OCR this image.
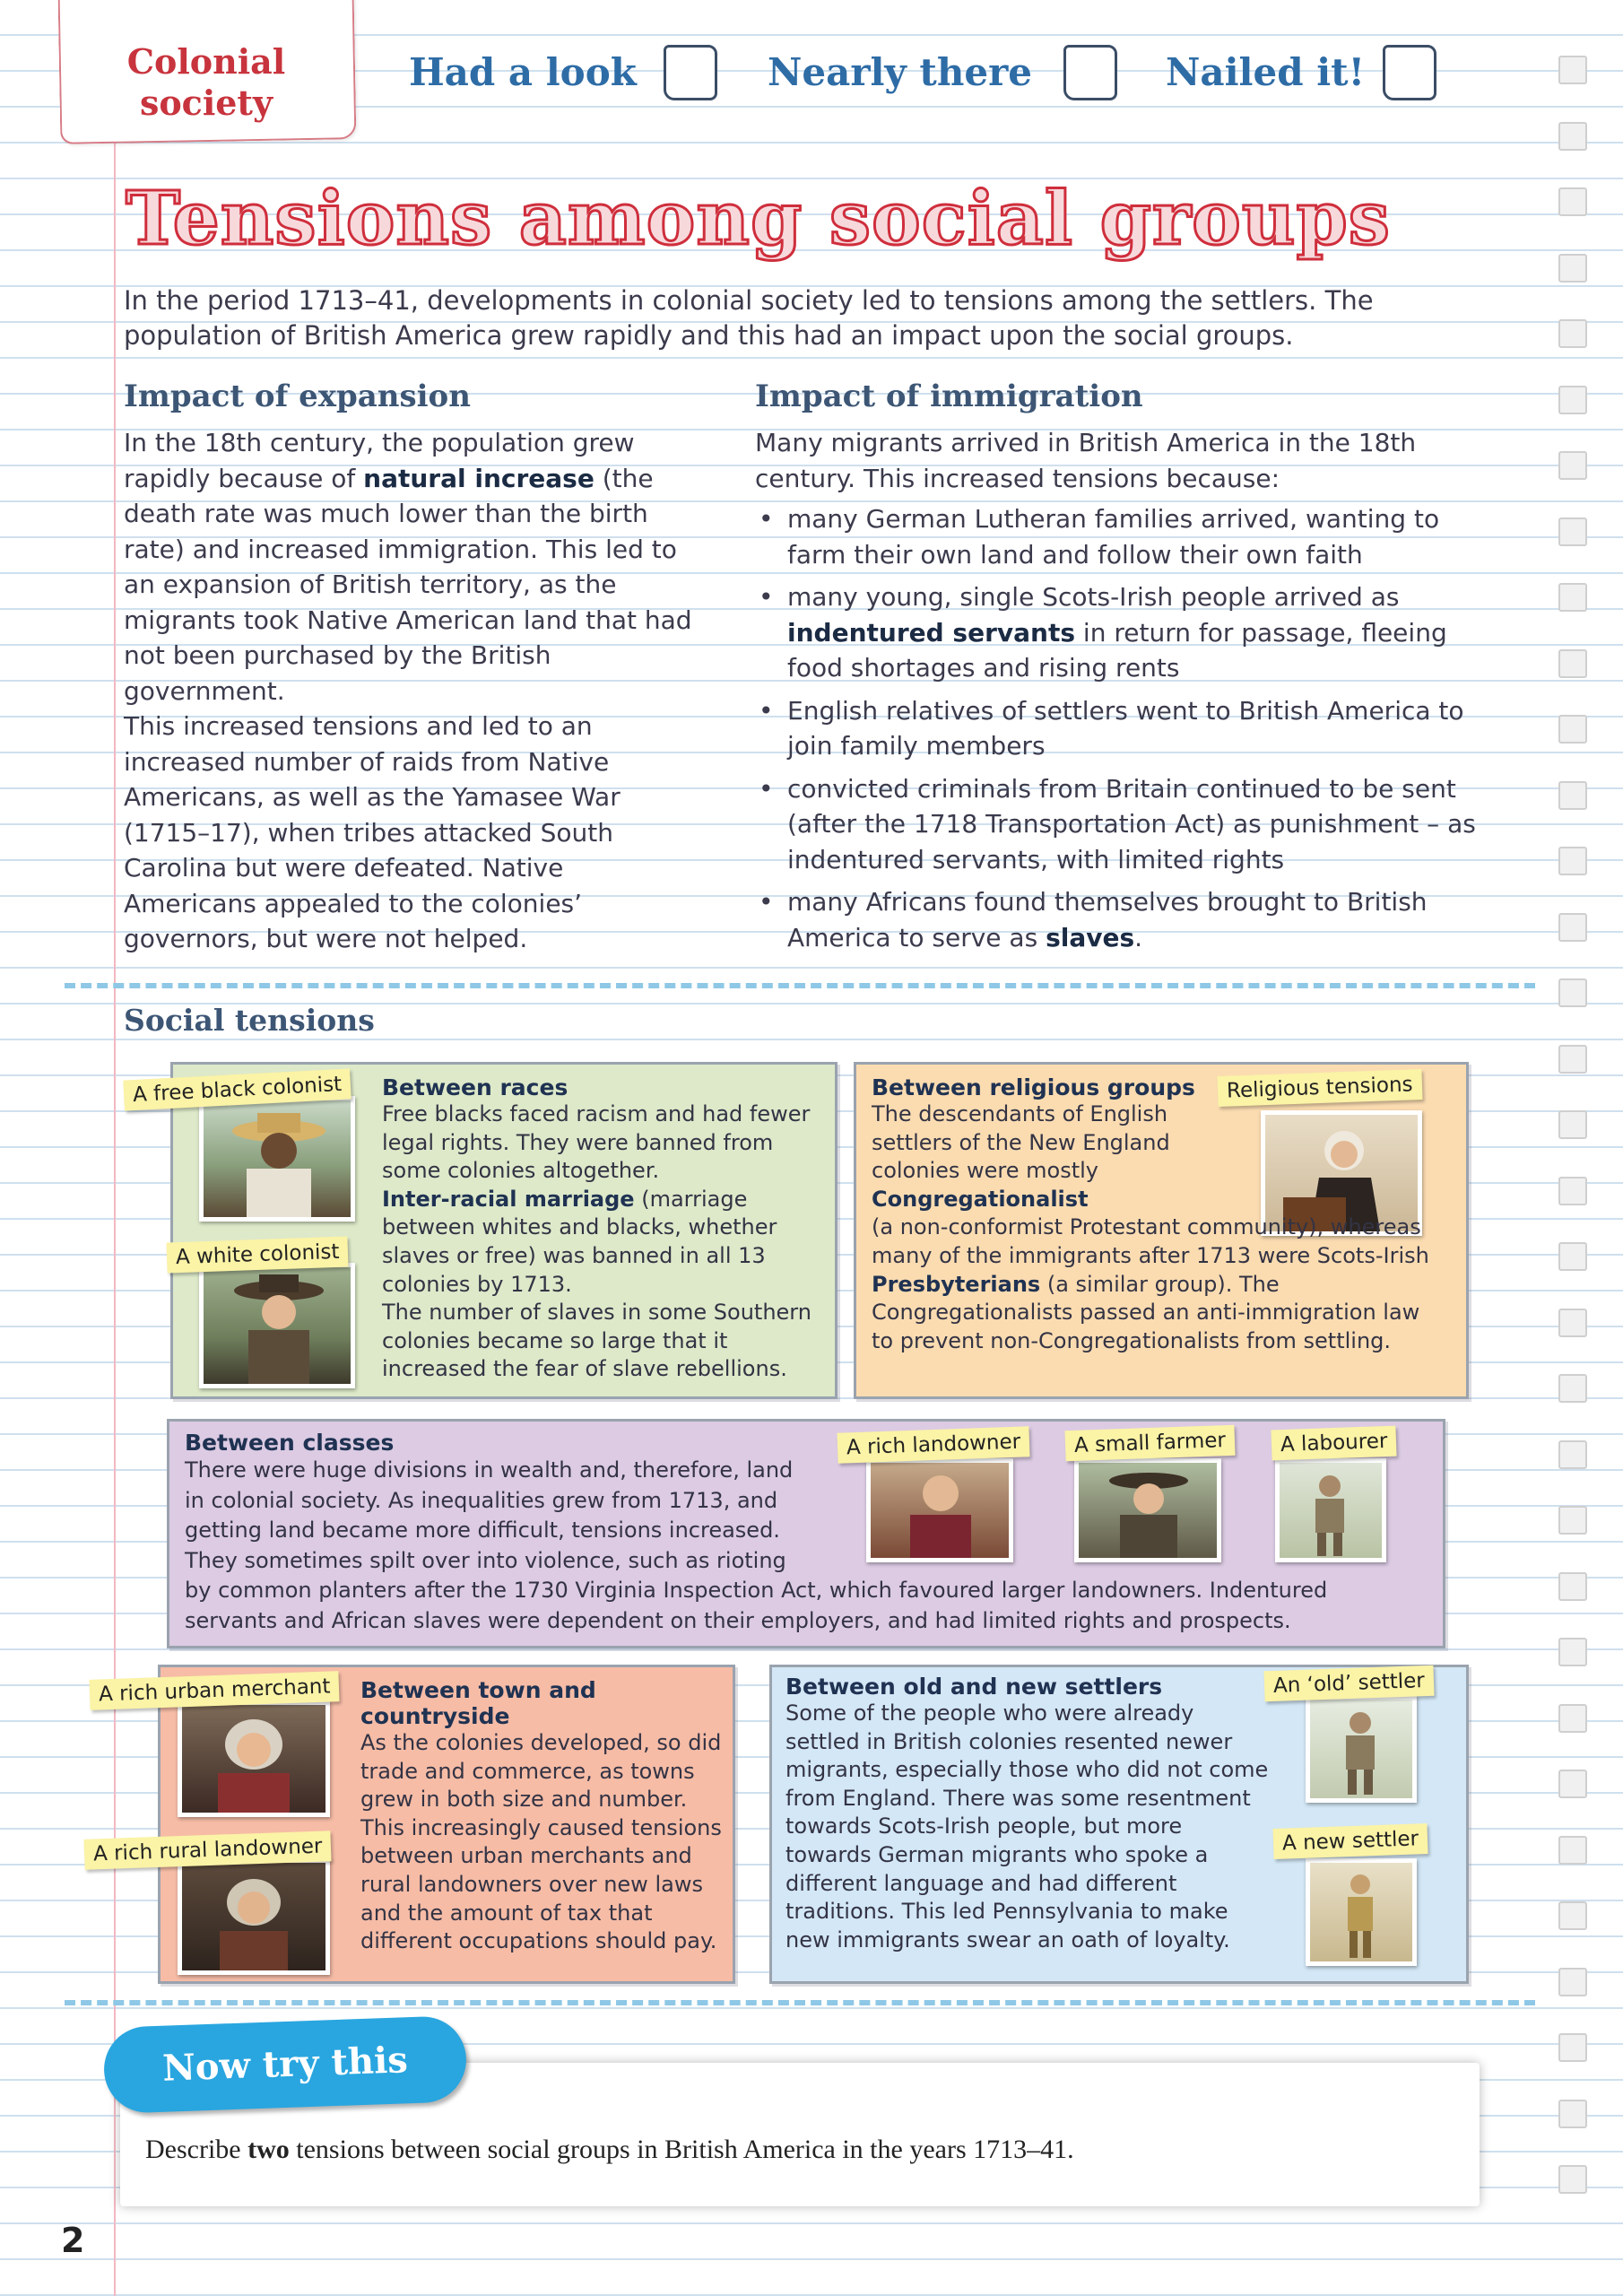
Colonial
society
Had a look	Nearly there	Nailed it!
Tensions among social groups
In the period 1713–41, developments in colonial society led to tensions among the settlers. The
population of British America grew rapidly and this had an impact upon the social groups.
Impact of expansion
In the 18th century, the population grew rapidly because of natural increase (the death rate was much lower than the birth rate) and increased immigration. This led to an expansion of British territory, as the migrants took Native American land that had not been purchased by the British government.
This increased tensions and led to an increased number of raids from Native Americans, as well as the Yamasee War (1715–17), when tribes attacked South Carolina but were defeated. Native Americans appealed to the colonies’ governors, but were not helped.
Impact of immigration
Many migrants arrived in British America in the 18th century. This increased tensions because:
• many German Lutheran families arrived, wanting to farm their own land and follow their own faith
• many young, single Scots-Irish people arrived as indentured servants in return for passage, fleeing food shortages and rising rents
• English relatives of settlers went to British America to join family members
• convicted criminals from Britain continued to be sent (after the 1718 Transportation Act) as punishment – as indentured servants, with limited rights
• many Africans found themselves brought to British America to serve as slaves.
Social tensions
A free black colonist
A white colonist
Between races
Free blacks faced racism and had fewer legal rights. They were banned from some colonies altogether.
Inter-racial marriage (marriage between whites and blacks, whether slaves or free) was banned in all 13 colonies by 1713.
The number of slaves in some Southern colonies became so large that it increased the fear of slave rebellions.
Religious tensions
Between religious groups
The descendants of English settlers of the New England colonies were mostly Congregationalist
(a non-conformist Protestant community), whereas many of the immigrants after 1713 were Scots-Irish Presbyterians (a similar group). The Congregationalists passed an anti-immigration law to prevent non-Congregationalists from settling.
A rich landowner	A small farmer	A labourer
Between classes
There were huge divisions in wealth and, therefore, land
in colonial society. As inequalities grew from 1713, and
getting land became more difficult, tensions increased.
They sometimes spilt over into violence, such as rioting
by common planters after the 1730 Virginia Inspection Act, which favoured larger landowners. Indentured
servants and African slaves were dependent on their employers, and had limited rights and prospects.
A rich urban merchant
A rich rural landowner
Between town and countryside
As the colonies developed, so did trade and commerce, as towns grew in both size and number. This increasingly caused tensions between urban merchants and rural landowners over new laws and the amount of tax that different occupations should pay.
An ‘old’ settler
A new settler
Between old and new settlers
Some of the people who were already settled in British colonies resented newer migrants, especially those who did not come from England. There was some resentment towards Scots-Irish people, but more towards German migrants who spoke a different language and had different traditions. This led Pennsylvania to make new immigrants swear an oath of loyalty.
Now try this
Describe two tensions between social groups in British America in the years 1713–41.
2
